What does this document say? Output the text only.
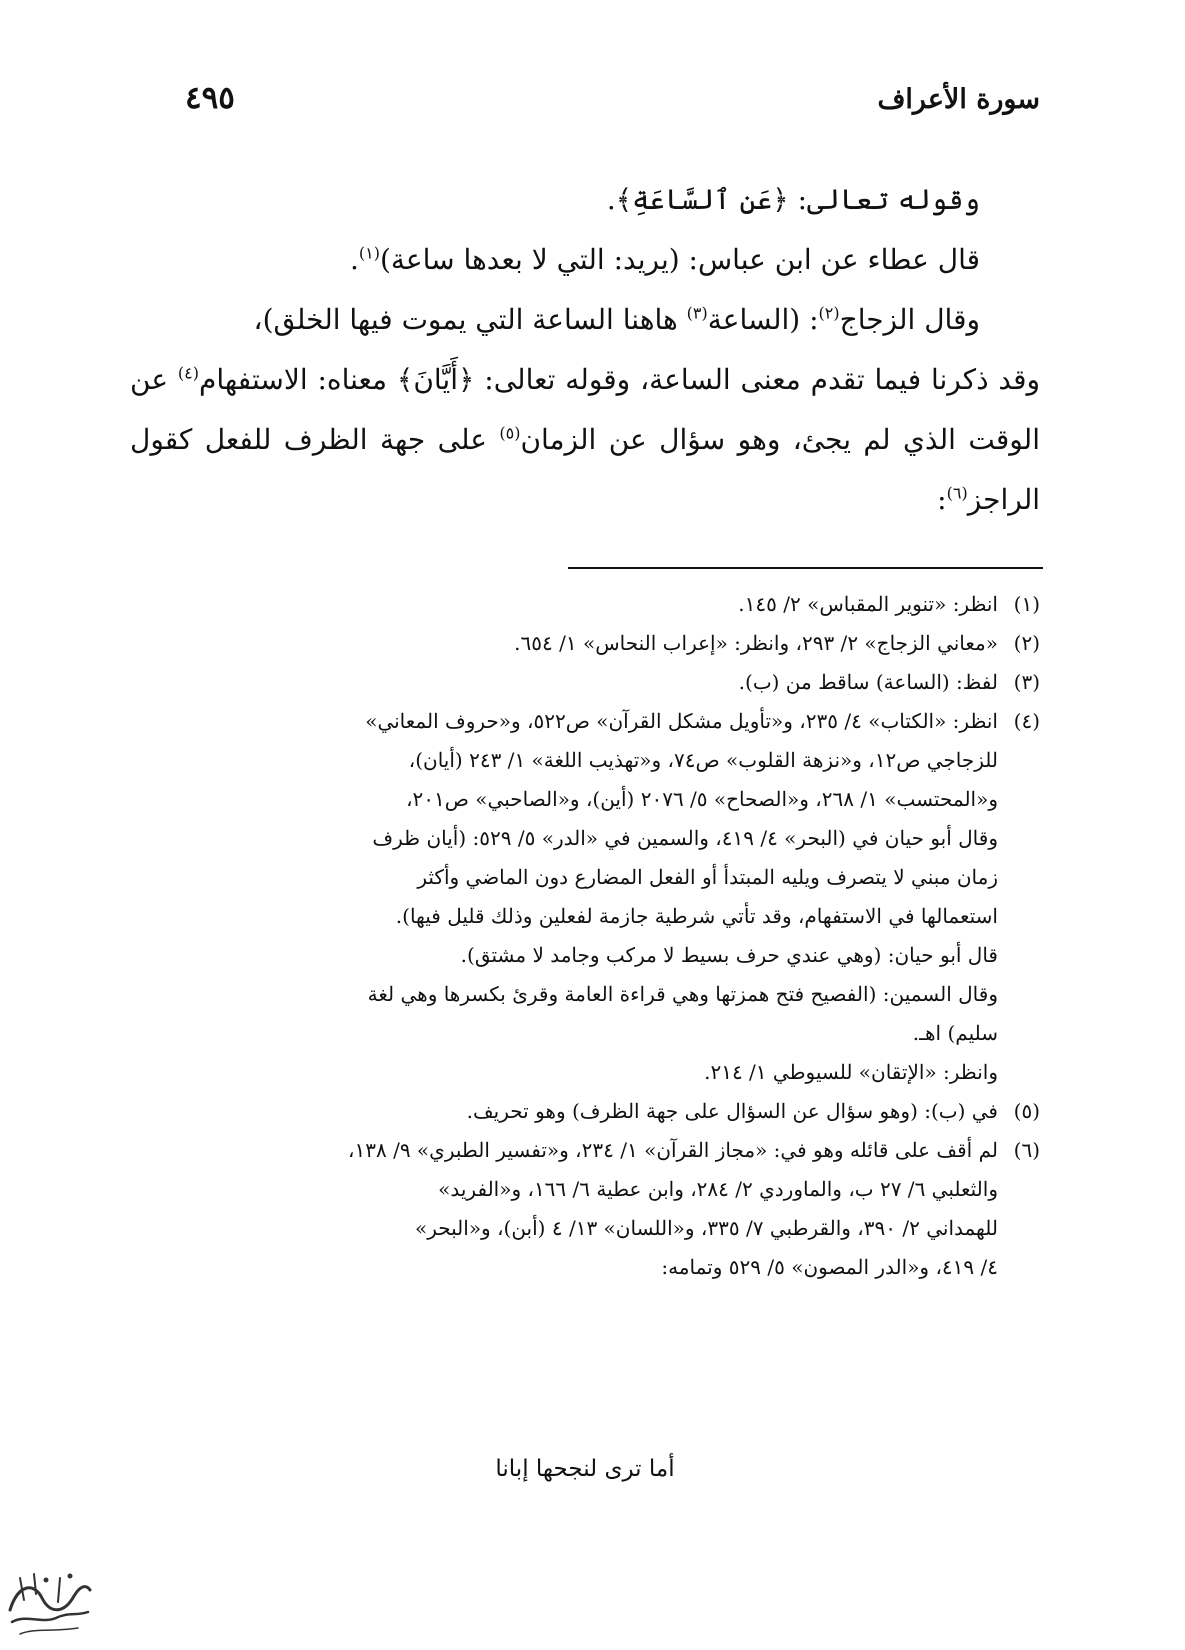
سورة الأعراف
٤٩٥

وقوله تعالى: ﴿عَنِ ٱلسَّاعَةِ﴾.

قال عطاء عن ابن عباس: (يريد: التي لا بعدها ساعة)$^{(١)}$.

وقال الزجاج$^{(٢)}$: (الساعة$^{(٣)}$ هاهنا الساعة التي يموت فيها الخلق)،

وقد ذكرنا فيما تقدم معنى الساعة، وقوله تعالى: ﴿أَيَّانَ﴾ معناه: الاستفهام$^{(٤)}$ عن الوقت الذي لم يجئ، وهو سؤال عن الزمان$^{(٥)}$ على جهة الظرف للفعل كقول الراجز$^{(٦)}$:

(١)
انظر: «تنوير المقباس» ٢/ ١٤٥.
(٢)
«معاني الزجاج» ٢/ ٢٩٣، وانظر: «إعراب النحاس» ١/ ٦٥٤.
(٣)
لفظ: (الساعة) ساقط من (ب).
(٤)
انظر: «الكتاب» ٤/ ٢٣٥، و«تأويل مشكل القرآن» ص٥٢٢، و«حروف المعاني»
للزجاجي ص١٢، و«نزهة القلوب» ص٧٤، و«تهذيب اللغة» ١/ ٢٤٣ (أيان)،
و«المحتسب» ١/ ٢٦٨، و«الصحاح» ٥/ ٢٠٧٦ (أين)، و«الصاحبي» ص٢٠١،
وقال أبو حيان في (البحر» ٤/ ٤١٩، والسمين في «الدر» ٥/ ٥٢٩: (أيان ظرف
زمان مبني لا يتصرف ويليه المبتدأ أو الفعل المضارع دون الماضي وأكثر
استعمالها في الاستفهام، وقد تأتي شرطية جازمة لفعلين وذلك قليل فيها).
قال أبو حيان: (وهي عندي حرف بسيط لا مركب وجامد لا مشتق).
وقال السمين: (الفصيح فتح همزتها وهي قراءة العامة وقرئ بكسرها وهي لغة
سليم) اهـ.
وانظر: «الإتقان» للسيوطي ١/ ٢١٤.
(٥)
في (ب): (وهو سؤال عن السؤال على جهة الظرف) وهو تحريف.
(٦)
لم أقف على قائله وهو في: «مجاز القرآن» ١/ ٢٣٤، و«تفسير الطبري» ٩/ ١٣٨،
والثعلبي ٦/ ٢٧ ب، والماوردي ٢/ ٢٨٤، وابن عطية ٦/ ١٦٦، و«الفريد»
للهمداني ٢/ ٣٩٠، والقرطبي ٧/ ٣٣٥، و«اللسان» ١٣/ ٤ (أبن)، و«البحر»
٤/ ٤١٩، و«الدر المصون» ٥/ ٥٢٩ وتمامه:
أما ترى لنجحها إبانا
